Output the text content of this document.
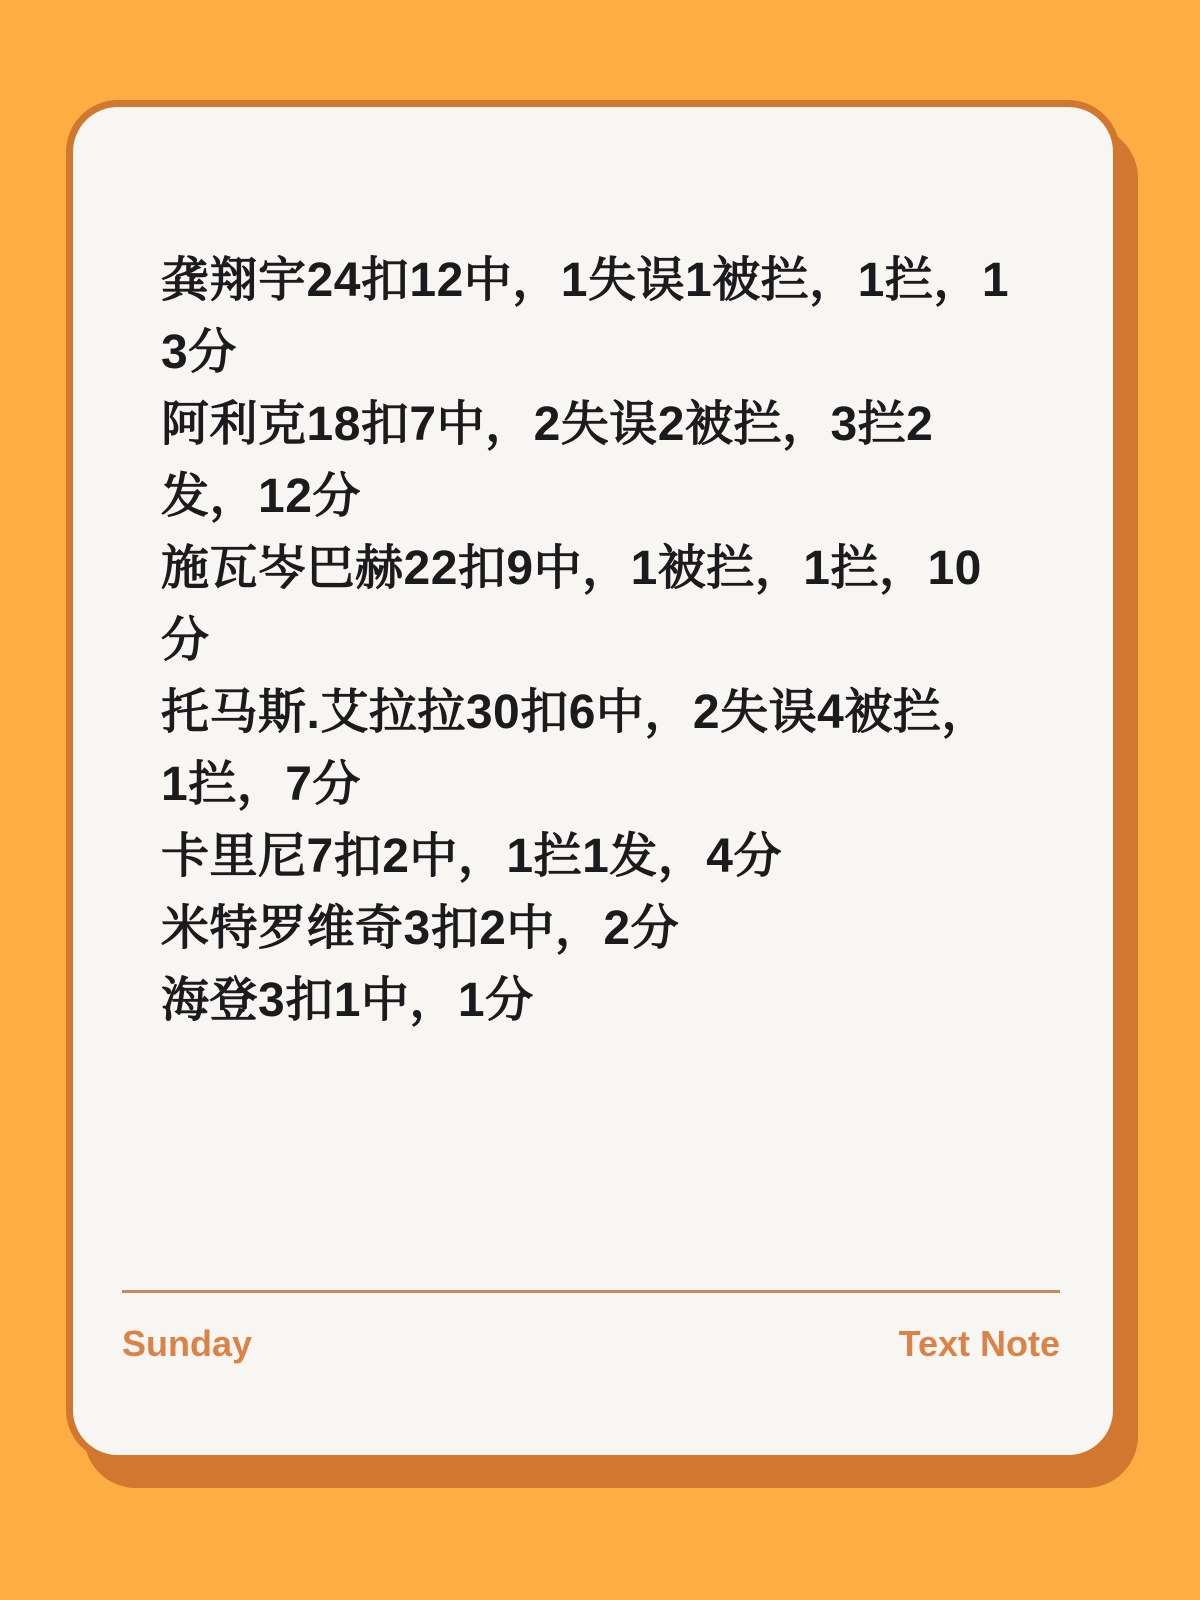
龚翔宇24扣12中，1失误1被拦，1拦，13分

阿利克18扣7中，2失误2被拦，3拦2发，12分

施瓦岑巴赫22扣9中，1被拦，1拦，10分

托马斯.艾拉拉30扣6中，2失误4被拦，1拦，7分

卡里尼7扣2中，1拦1发，4分

米特罗维奇3扣2中，2分

海登3扣1中，1分

Sunday	Text Note
